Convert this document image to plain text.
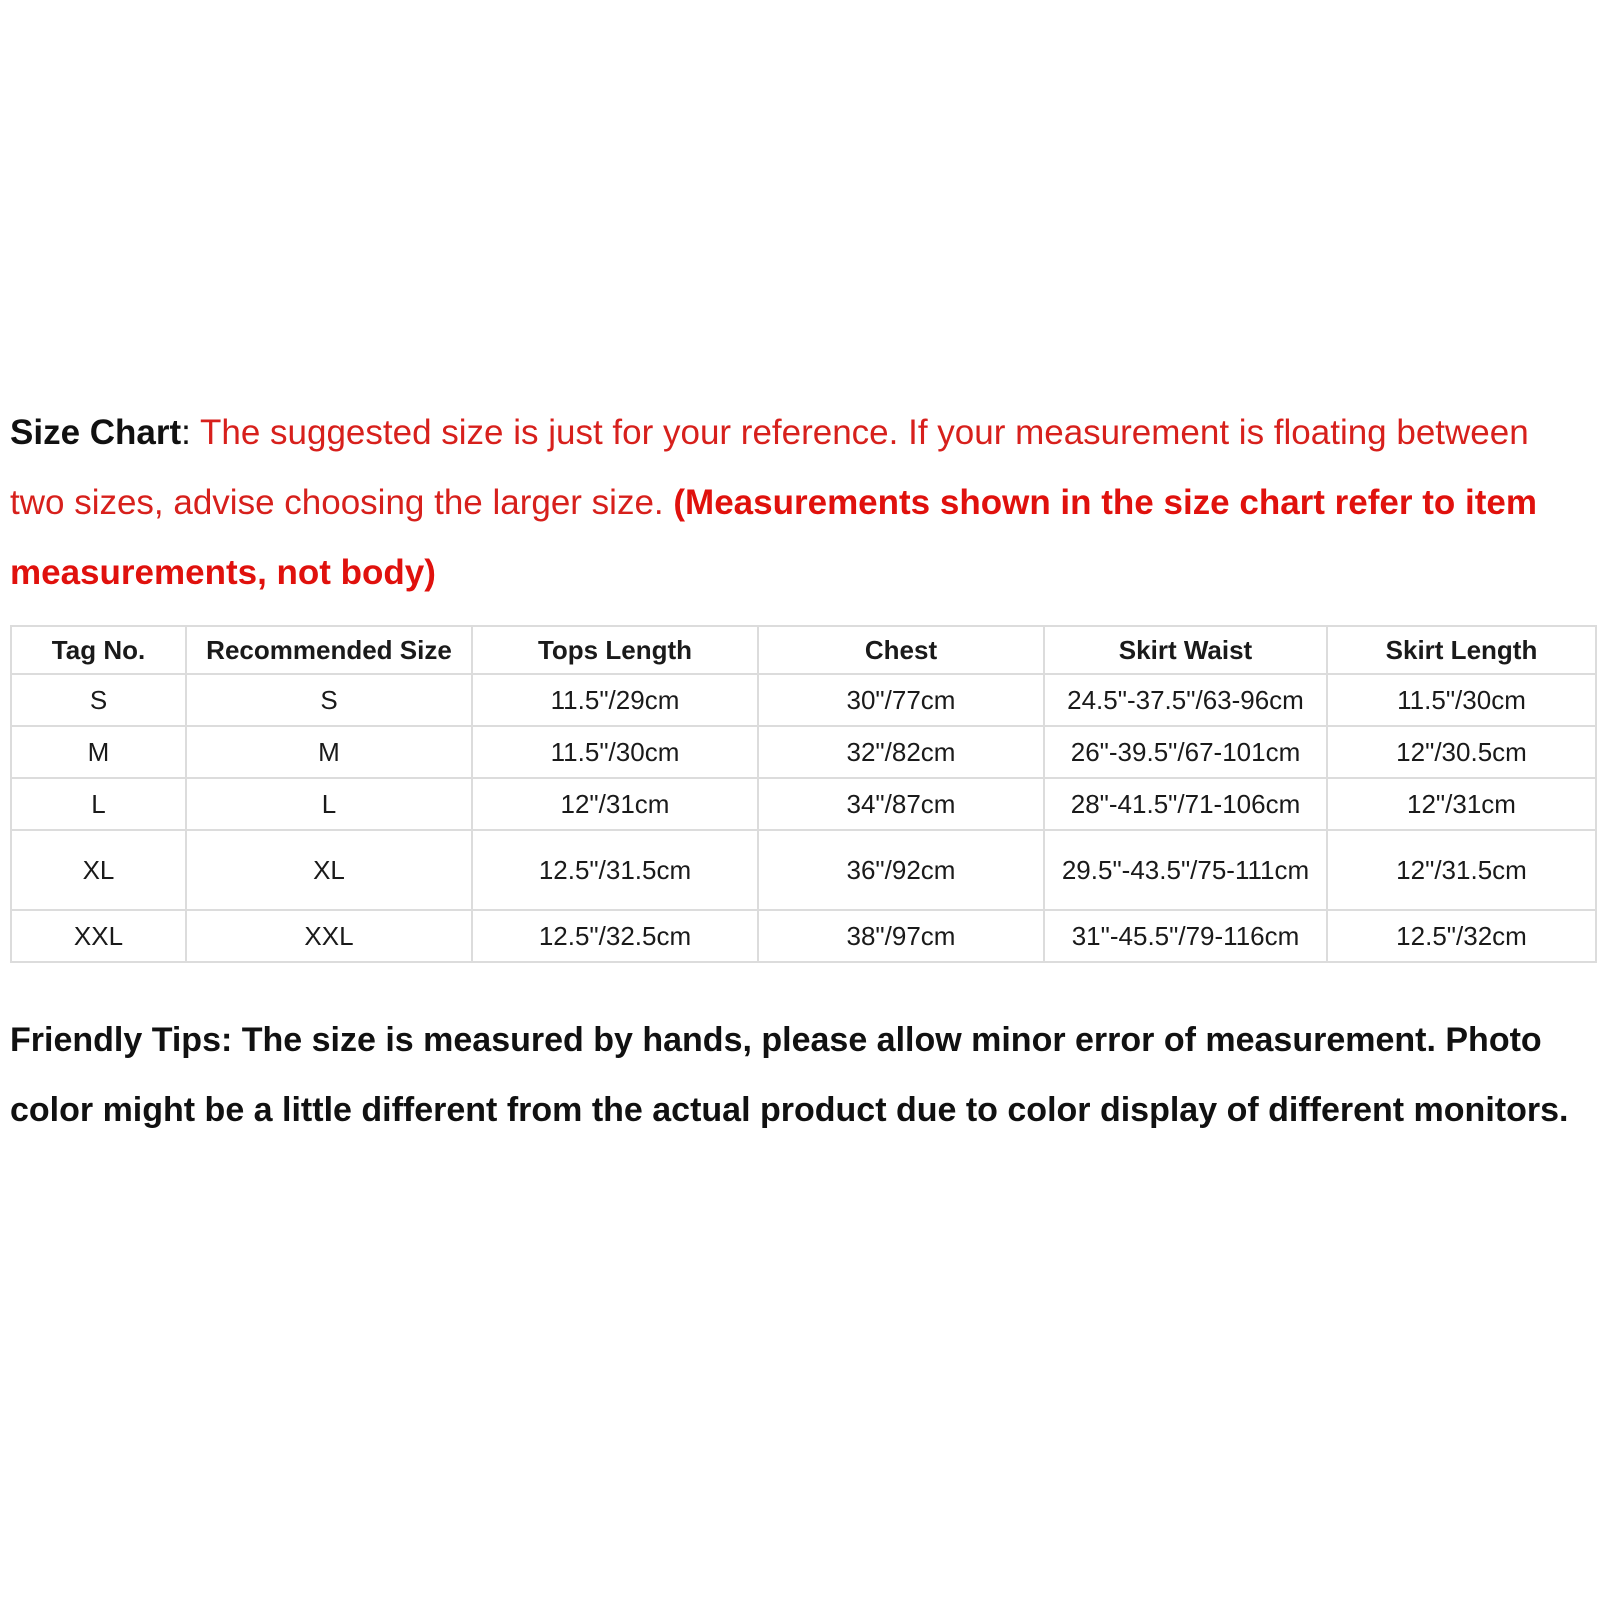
Size Chart: The suggested size is just for your reference. If your measurement is floating between two sizes, advise choosing the larger size. (Measurements shown in the size chart refer to item measurements, not body)

Tag No.	Recommended Size	Tops Length	Chest	Skirt Waist	Skirt Length
S	S	11.5"/29cm	30"/77cm	24.5"-37.5"/63-96cm	11.5"/30cm
M	M	11.5"/30cm	32"/82cm	26"-39.5"/67-101cm	12"/30.5cm
L	L	12"/31cm	34"/87cm	28"-41.5"/71-106cm	12"/31cm
XL	XL	12.5"/31.5cm	36"/92cm	29.5"-43.5"/75-111cm	12"/31.5cm
XXL	XXL	12.5"/32.5cm	38"/97cm	31"-45.5"/79-116cm	12.5"/32cm

Friendly Tips: The size is measured by hands, please allow minor error of measurement. Photo color might be a little different from the actual product due to color display of different monitors.
